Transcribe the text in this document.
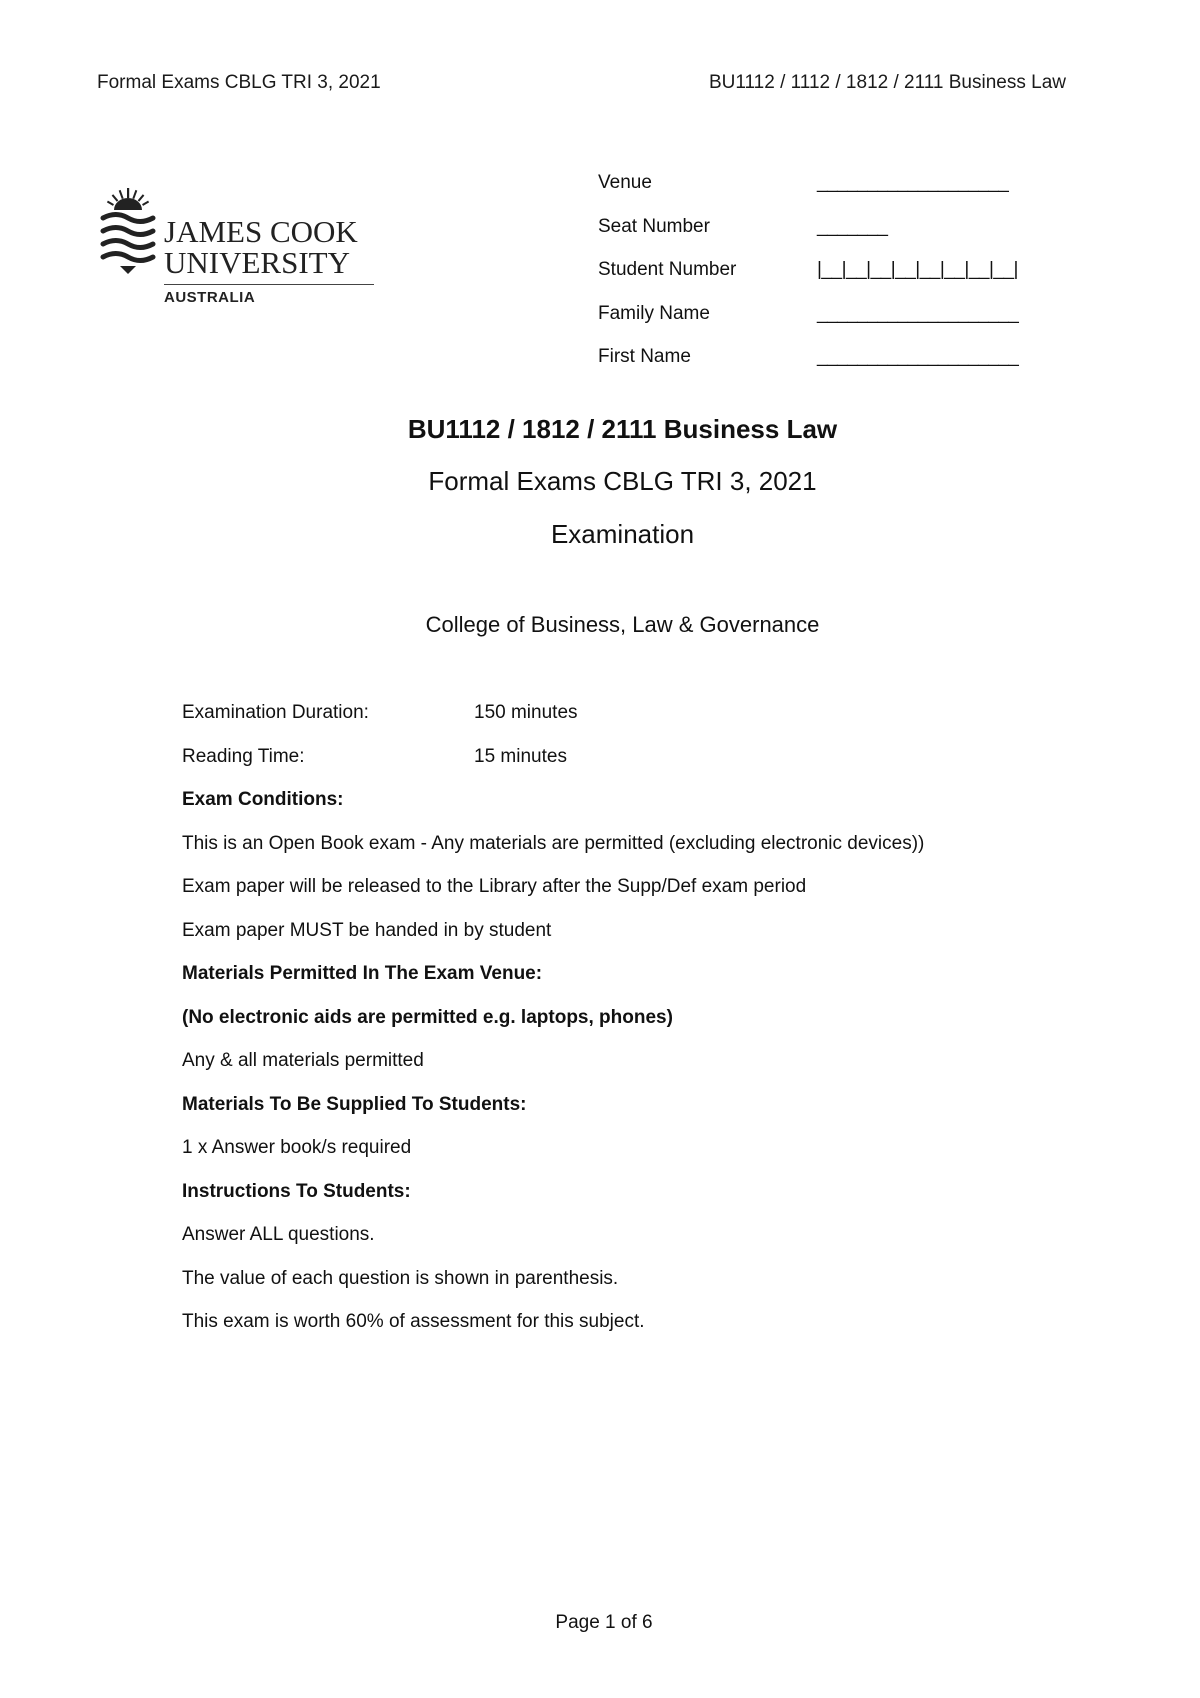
Formal Exams CBLG TRI 3, 2021	BU1112 / 1112 / 1812 / 2111 Business Law
JAMES COOK
UNIVERSITY
AUSTRALIA
Venue	___________________
Seat Number	_______
Student Number	|__|__|__|__|__|__|__|__|
Family Name	____________________
First Name	____________________
BU1112 / 1812 / 2111 Business Law
Formal Exams CBLG TRI 3, 2021
Examination
College of Business, Law & Governance
Examination Duration:	150 minutes
Reading Time:	15 minutes
Exam Conditions:
This is an Open Book exam - Any materials are permitted (excluding electronic devices))
Exam paper will be released to the Library after the Supp/Def exam period
Exam paper MUST be handed in by student
Materials Permitted In The Exam Venue:
(No electronic aids are permitted e.g. laptops, phones)
Any & all materials permitted
Materials To Be Supplied To Students:
1 x Answer book/s required
Instructions To Students:
Answer ALL questions.
The value of each question is shown in parenthesis.
This exam is worth 60% of assessment for this subject.
Page 1 of 6
